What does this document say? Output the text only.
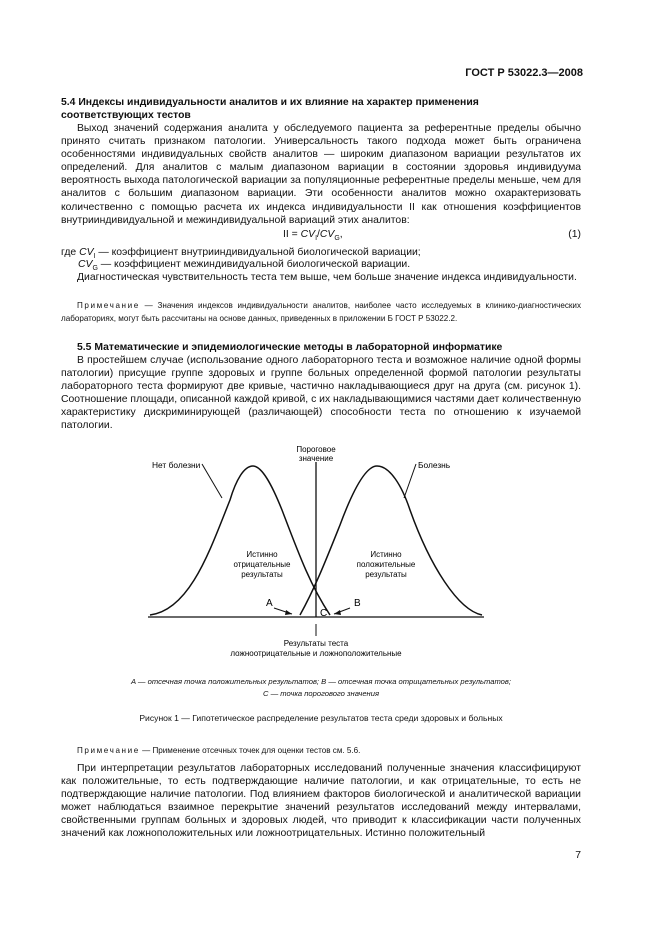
ГОСТ Р 53022.3—2008
5.4 Индексы индивидуальности аналитов и их влияние на характер применения
соответствующих тестов
Выход значений содержания аналита у обследуемого пациента за референтные пределы обычно принято считать признаком патологии. Универсальность такого подхода может быть ограничена особенностями индивидуальных свойств аналитов — широким диапазоном вариации результатов их определений. Для аналитов с малым диапазоном вариации в состоянии здоровья индивидуума вероятность выхода патологической вариации за популяционные референтные пределы меньше, чем для аналитов с большим диапазоном вариации. Эти особенности аналитов можно охарактеризовать количественно с помощью расчета их индекса индивидуальности II как отношения коэффициентов внутрииндивидуальной и межиндивидуальной вариаций этих аналитов:
II = $CV_I/CV_G$,	(1)
где $CV_I$ — коэффициент внутрииндивидуальной биологической вариации;
$CV_G$ — коэффициент межиндивидуальной биологической вариации.
Диагностическая чувствительность теста тем выше, чем больше значение индекса индивидуальности.
Примечание — Значения индексов индивидуальности аналитов, наиболее часто исследуемых в клинико-диагностических лабораториях, могут быть рассчитаны на основе данных, приведенных в приложении Б ГОСТ Р 53022.2.
5.5 Математические и эпидемиологические методы в лабораторной информатике
В простейшем случае (использование одного лабораторного теста и возможное наличие одной формы патологии) присущие группе здоровых и группе больных определенной формой патологии результаты лабораторного теста формируют две кривые, частично накладывающиеся друг на друга (см. рисунок 1). Соотношение площади, описанной каждой кривой, с их накладывающимися частями дает количественную характеристику дискриминирующей (различающей) способности теста по отношению к изучаемой патологии.
Пороговое
значение
Нет болезни	Болезнь
Истинно
отрицательные
результаты
Истинно
положительные
результаты
A	B
C
Результаты теста
ложноотрицательные и ложноположительные
A — отсечная точка положительных результатов; B — отсечная точка отрицательных результатов;
C — точка порогового значения
Рисунок 1 — Гипотетическое распределение результатов теста среди здоровых и больных
Примечание — Применение отсечных точек для оценки тестов см. 5.6.
При интерпретации результатов лабораторных исследований полученные значения классифицируют как положительные, то есть подтверждающие наличие патологии, и как отрицательные, то есть не подтверждающие наличие патологии. Под влиянием факторов биологической и аналитической вариации может наблюдаться взаимное перекрытие значений результатов исследований между интервалами, свойственными группам больных и здоровых людей, что приводит к классификации части полученных значений как ложноположительных или ложноотрицательных. Истинно положительный
7
